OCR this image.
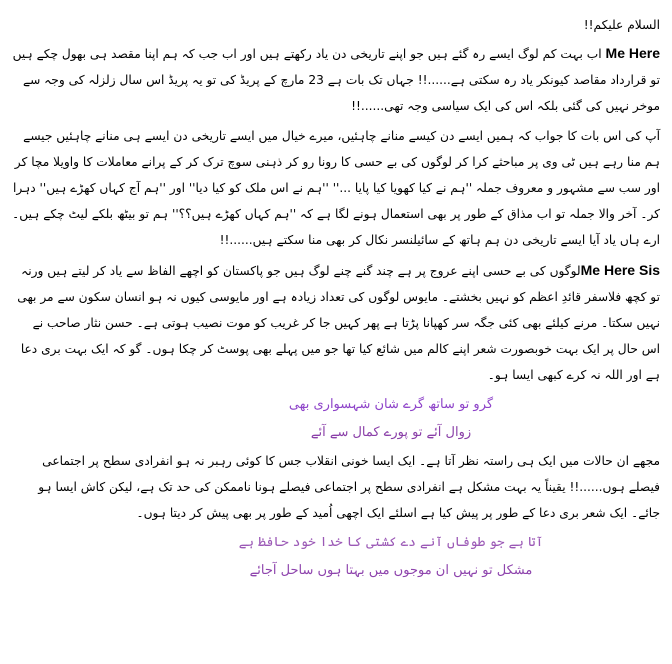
السلام علیکم!!

Me Here اب بہت کم لوگ ایسے رہ گئے ہیں جو اپنے تاریخی دن یاد رکھتے ہیں اور اب جب کہ ہم اپنا مقصد ہی بھول چکے ہیں تو قرارداد مقاصد کیونکر یاد رہ سکتی ہے......!! جہاں تک بات ہے 23 مارچ کے پریڈ کی تو یہ پریڈ اس سال زلزلہ کی وجہ سے موخر نہیں کی گئی بلکہ اس کی ایک سیاسی وجہ تھی......!!

آپ کی اس بات کا جواب کہ ہمیں ایسے دن کیسے منانے چاہئیں، میرے خیال میں ایسے تاریخی دن ایسے ہی منانے چاہئیں جیسے ہم منا رہے ہیں ٹی وی پر مباحثے کرا کر لوگوں کی بے حسی کا رونا رو کر ذہنی سوچ ترک کر کے پرانے معاملات کا واویلا مچا کر اور سب سے مشہور و معروف جملہ ''ہم نے کیا کھویا کیا پایا ...'' ''ہم نے اس ملک کو کیا دیا'' اور ''ہم آج کہاں کھڑے ہیں'' دہرا کر۔ آخر والا جملہ تو اب مذاق کے طور پر بھی استعمال ہونے لگا ہے کہ ''ہم کہاں کھڑے ہیں؟؟'' ہم تو بیٹھ بلکے لیٹ چکے ہیں۔ ارے ہاں یاد آیا ایسے تاریخی دن ہم ہاتھ کے سائیلنسر نکال کر بھی منا سکتے ہیں......!!

Me Here Sisلوگوں کی بے حسی اپنے عروج پر ہے چند گنے چنے لوگ ہیں جو پاکستان کو اچھے الفاظ سے یاد کر لیتے ہیں ورنہ تو کچھ فلاسفر قائدِ اعظم کو نہیں بخشتے۔ مایوس لوگوں کی تعداد زیادہ ہے اور مایوسی کیوں نہ ہو انسان سکون سے مر بھی نہیں سکتا۔ مرنے کیلئے بھی کئی جگہ سر کھپانا پڑتا ہے پھر کہیں جا کر غریب کو موت نصیب ہوتی ہے۔ حسن نثار صاحب نے اس حال پر ایک بہت خوبصورت شعر اپنے کالم میں شائع کیا تھا جو میں پہلے بھی پوسٹ کر چکا ہوں۔ گو کہ ایک بہت بری دعا ہے اور اللہ نہ کرے کبھی ایسا ہو۔

گرو تو ساتھ گرے شان شہسواری بھی
زوال آئے تو پورے کمال سے آئے

مجھے ان حالات میں ایک ہی راستہ نظر آتا ہے۔ ایک ایسا خونی انقلاب جس کا کوئی رہبر نہ ہو انفرادی سطح پر اجتماعی فیصلے ہوں......!! یقیناً یہ بہت مشکل ہے انفرادی سطح پر اجتماعی فیصلے ہونا ناممکن کی حد تک ہے، لیکن کاش ایسا ہو جائے۔ ایک شعر بری دعا کے طور پر پیش کیا ہے اسلئے ایک اچھی اُمید کے طور پر بھی پیش کر دیتا ہوں۔

آتا ہے جو طوفاں آنے دے کشتی کا خدا خود حافظ ہے
مشکل تو نہیں ان موجوں میں بہتا ہوں ساحل آجائے
